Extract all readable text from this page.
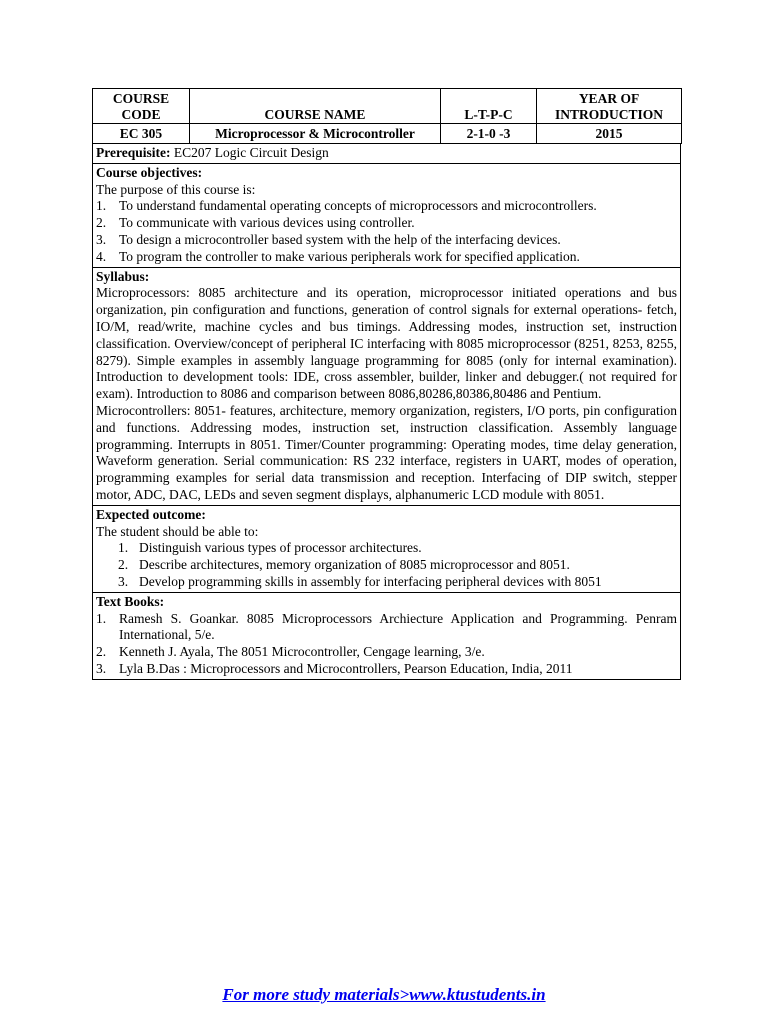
COURSE CODE	COURSE NAME	L-T-P-C	YEAR OF INTRODUCTION
EC 305	Microprocessor & Microcontroller	2-1-0 -3	2015
Prerequisite: EC207 Logic Circuit Design
Course objectives:
The purpose of this course is:
1. To understand fundamental operating concepts of microprocessors and microcontrollers.
2. To communicate with various devices using controller.
3. To design a microcontroller based system with the help of the interfacing devices.
4. To program the controller to make various peripherals work for specified application.
Syllabus:
Microprocessors: 8085 architecture and its operation, microprocessor initiated operations and bus organization, pin configuration and functions, generation of control signals for external operations- fetch, IO/M, read/write, machine cycles and bus timings. Addressing modes, instruction set, instruction classification. Overview/concept of peripheral IC interfacing with 8085 microprocessor (8251, 8253, 8255, 8279). Simple examples in assembly language programming for 8085 (only for internal examination). Introduction to development tools: IDE, cross assembler, builder, linker and debugger.( not required for exam). Introduction to 8086 and comparison between 8086,80286,80386,80486 and Pentium.
Microcontrollers: 8051- features, architecture, memory organization, registers, I/O ports, pin configuration and functions. Addressing modes, instruction set, instruction classification. Assembly language programming. Interrupts in 8051. Timer/Counter programming: Operating modes, time delay generation, Waveform generation. Serial communication: RS 232 interface, registers in UART, modes of operation, programming examples for serial data transmission and reception. Interfacing of DIP switch, stepper motor, ADC, DAC, LEDs and seven segment displays, alphanumeric LCD module with 8051.
Expected outcome:
The student should be able to:
1. Distinguish various types of processor architectures.
2. Describe architectures, memory organization of 8085 microprocessor and 8051.
3. Develop programming skills in assembly for interfacing peripheral devices with 8051
Text Books:
1. Ramesh S. Goankar. 8085 Microprocessors Archiecture Application and Programming. Penram International, 5/e.
2. Kenneth J. Ayala, The 8051 Microcontroller, Cengage learning, 3/e.
3. Lyla B.Das : Microprocessors and Microcontrollers, Pearson Education, India, 2011
For more study materials>www.ktustudents.in
